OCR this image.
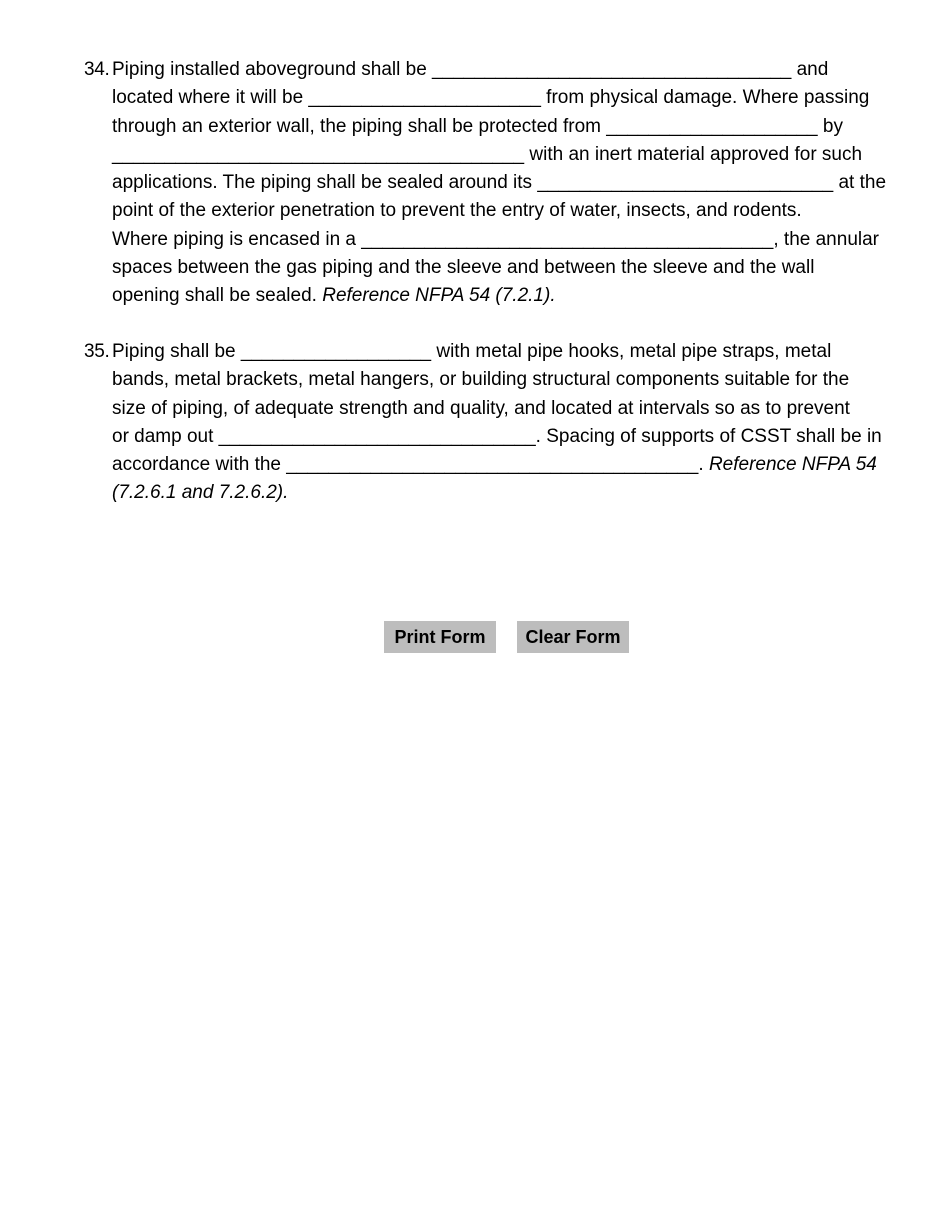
34. Piping installed aboveground shall be __________________________________ and
located where it will be ______________________ from physical damage. Where passing
through an exterior wall, the piping shall be protected from ____________________ by
_______________________________________ with an inert material approved for such
applications. The piping shall be sealed around its ____________________________ at the
point of the exterior penetration to prevent the entry of water, insects, and rodents.
Where piping is encased in a _______________________________________, the annular
spaces between the gas piping and the sleeve and between the sleeve and the wall
opening shall be sealed. Reference NFPA 54 (7.2.1).
35. Piping shall be __________________ with metal pipe hooks, metal pipe straps, metal
bands, metal brackets, metal hangers, or building structural components suitable for the
size of piping, of adequate strength and quality, and located at intervals so as to prevent
or damp out ______________________________. Spacing of supports of CSST shall be in
accordance with the _______________________________________. Reference NFPA 54
(7.2.6.1 and 7.2.6.2).
Print Form	Clear Form
